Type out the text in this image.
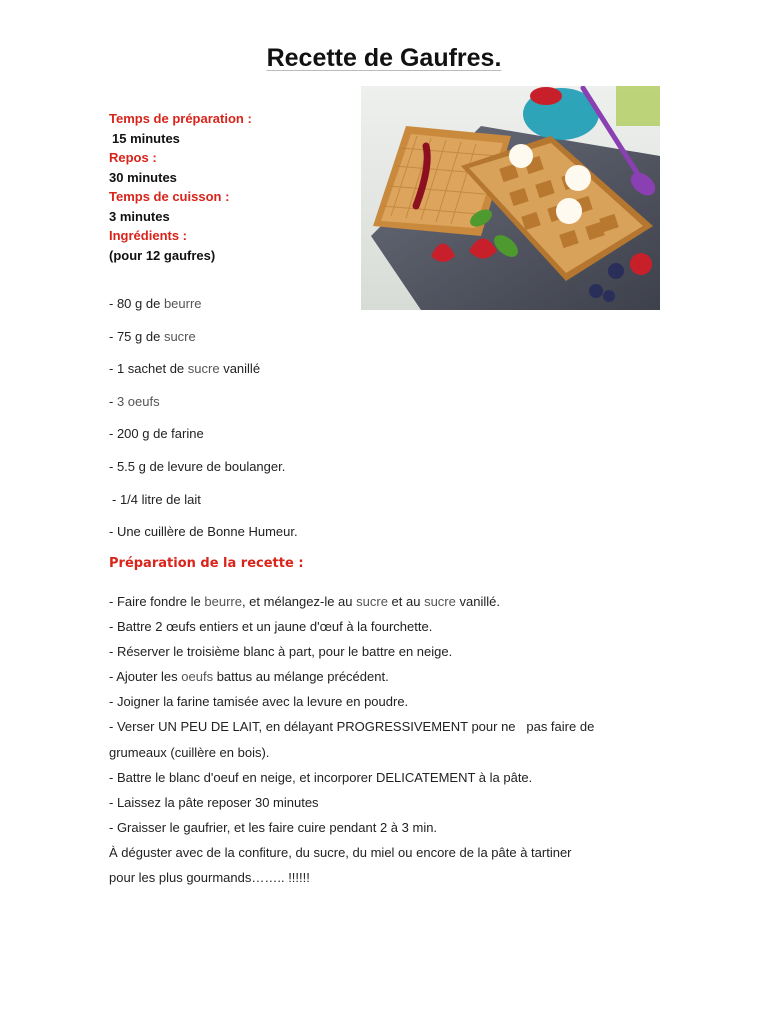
Recette de Gaufres.
Temps de préparation :
15 minutes
Repos :
30 minutes
Temps de cuisson :
3 minutes
Ingrédients :
(pour 12 gaufres)
- 80 g de beurre
- 75 g de sucre
- 1 sachet de sucre vanillé
- 3 oeufs
- 200 g de farine
- 5.5 g de levure de boulanger.
- 1/4 litre de lait
- Une cuillère de Bonne Humeur.
Préparation de la recette :
- Faire fondre le beurre, et mélangez-le au sucre et au sucre vanillé.
- Battre 2 œufs entiers et un jaune d'œuf à la fourchette.
- Réserver le troisième blanc à part, pour le battre en neige.
- Ajouter les oeufs battus au mélange précédent.
- Joigner la farine tamisée avec la levure en poudre.
- Verser UN PEU DE LAIT, en délayant PROGRESSIVEMENT pour ne   pas faire de
grumeaux (cuillère en bois).
- Battre le blanc d'oeuf en neige, et incorporer DELICATEMENT à la pâte.
- Laissez la pâte reposer 30 minutes
- Graisser le gaufrier, et les faire cuire pendant 2 à 3 min.
À déguster avec de la confiture, du sucre, du miel ou encore de la pâte à tartiner
pour les plus gourmands…….. !!!!!!
